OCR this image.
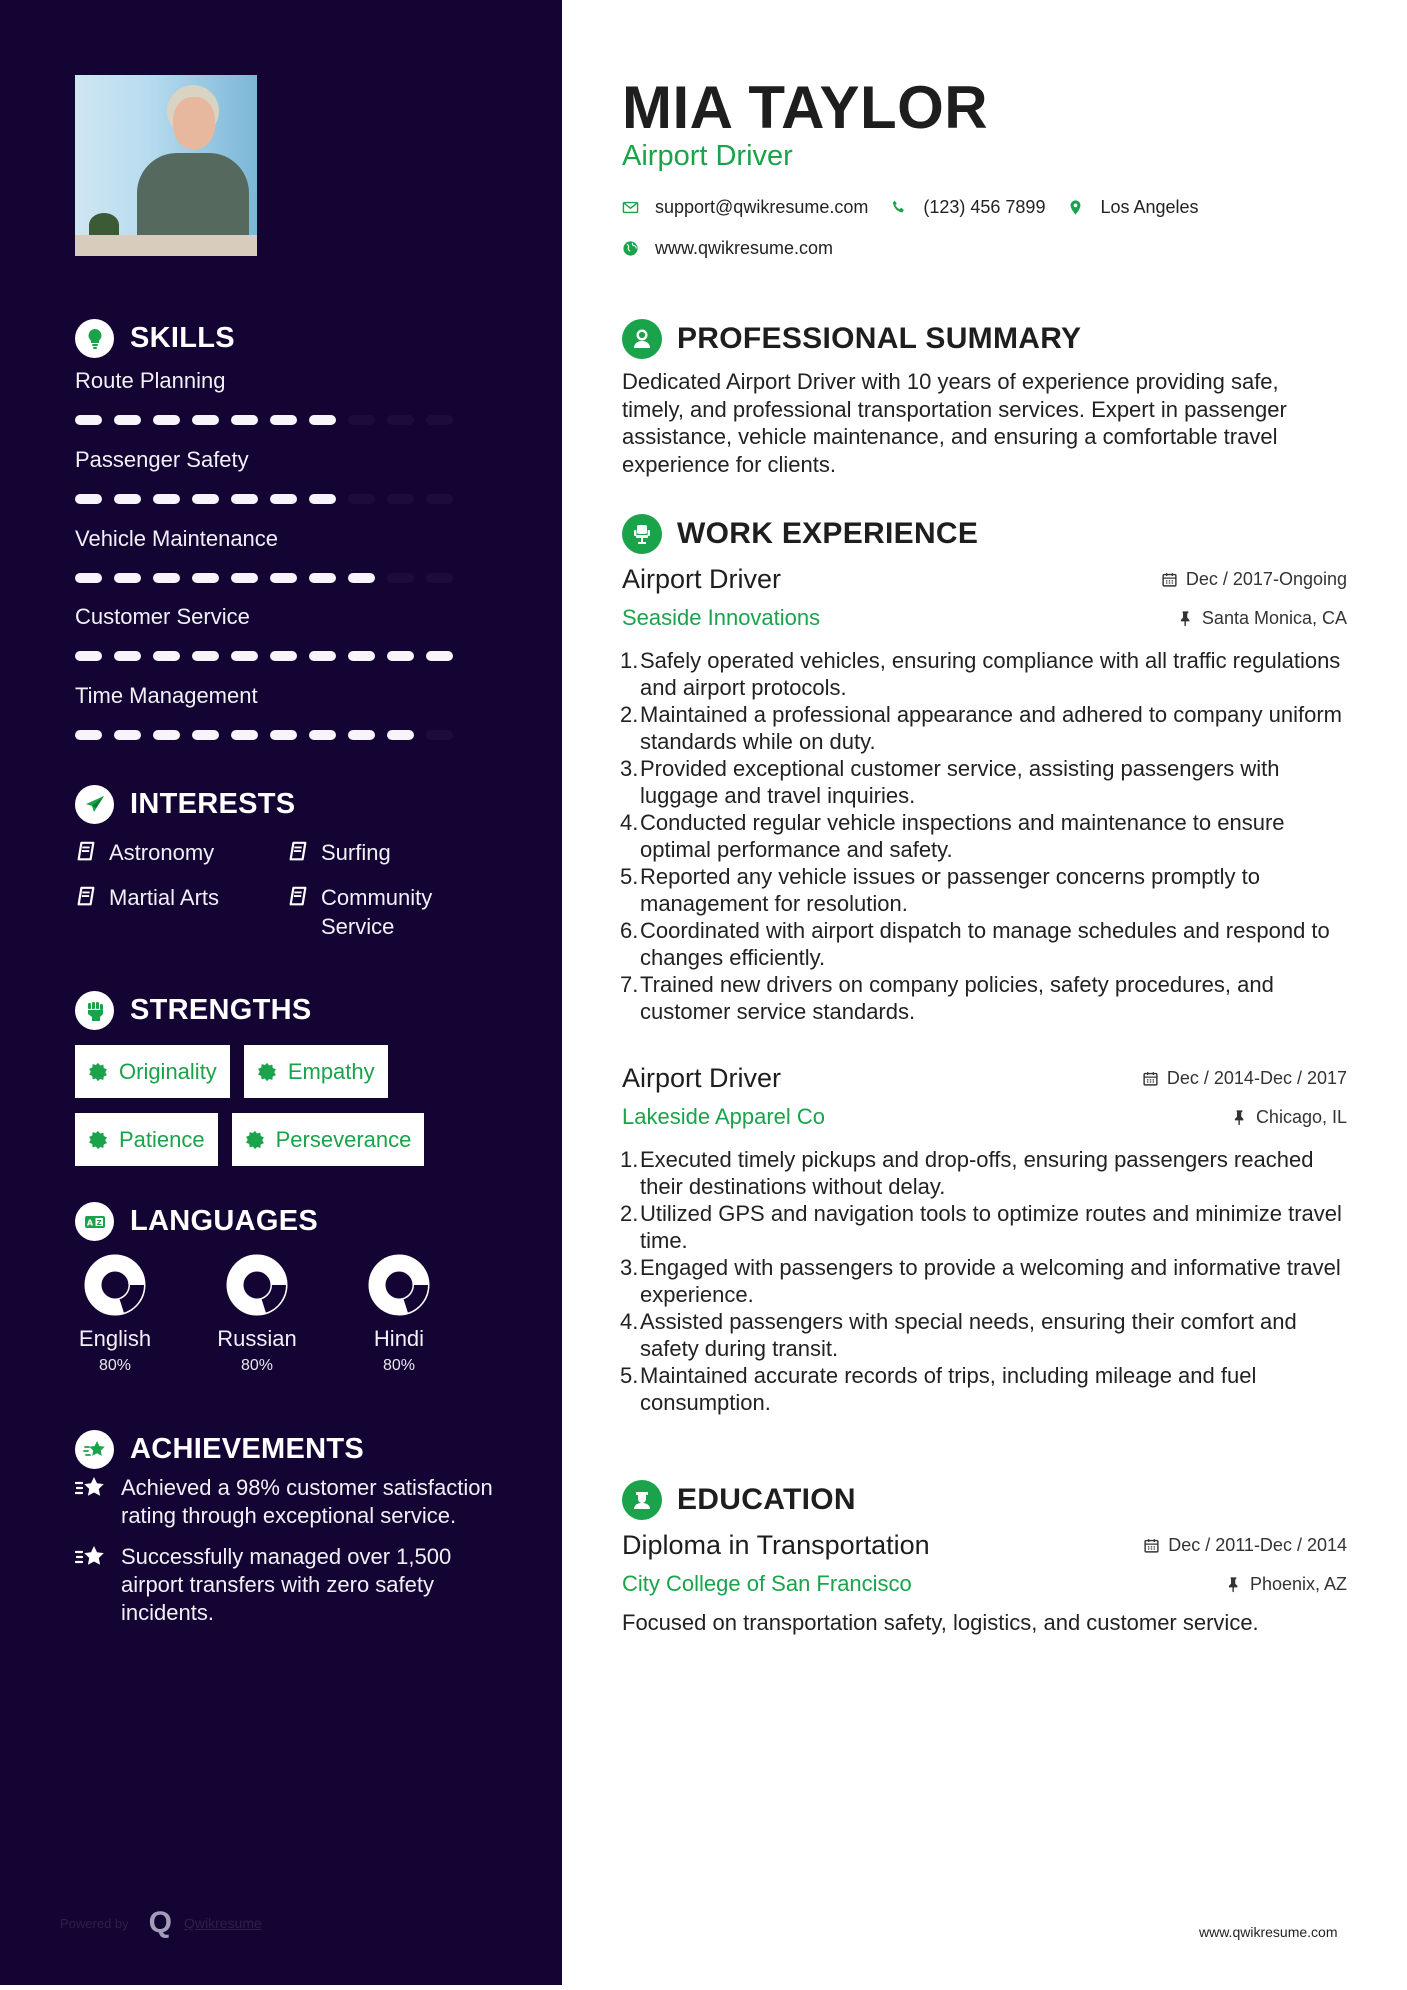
SKILLS
Route Planning
Passenger Safety
Vehicle Maintenance
Customer Service
Time Management
INTERESTS
Astronomy	Surfing
Martial Arts	Community Service
STRENGTHS
Originality	Empathy
Patience	Perseverance
A Z LANGUAGES
English
80%
Russian
80%
Hindi
80%
ACHIEVEMENTS
Achieved a 98% customer satisfaction rating through exceptional service.
Successfully managed over 1,500 airport transfers with zero safety incidents.
Powered by Q Qwikresume
MIA TAYLOR
Airport Driver
support@qwikresume.com	(123) 456 7899	Los Angeles
www.qwikresume.com
PROFESSIONAL SUMMARY

Dedicated Airport Driver with 10 years of experience providing safe, timely, and professional transportation services. Expert in passenger assistance, vehicle maintenance, and ensuring a comfortable travel experience for clients.

WORK EXPERIENCE
Airport Driver	Dec / 2017-Ongoing
Seaside Innovations	Santa Monica, CA
Safely operated vehicles, ensuring compliance with all traffic regulations and airport protocols.
Maintained a professional appearance and adhered to company uniform standards while on duty.
Provided exceptional customer service, assisting passengers with luggage and travel inquiries.
Conducted regular vehicle inspections and maintenance to ensure optimal performance and safety.
Reported any vehicle issues or passenger concerns promptly to management for resolution.
Coordinated with airport dispatch to manage schedules and respond to changes efficiently.
Trained new drivers on company policies, safety procedures, and customer service standards.
Airport Driver	Dec / 2014-Dec / 2017
Lakeside Apparel Co	Chicago, IL
Executed timely pickups and drop-offs, ensuring passengers reached their destinations without delay.
Utilized GPS and navigation tools to optimize routes and minimize travel time.
Engaged with passengers to provide a welcoming and informative travel experience.
Assisted passengers with special needs, ensuring their comfort and safety during transit.
Maintained accurate records of trips, including mileage and fuel consumption.
EDUCATION
Diploma in Transportation	Dec / 2011-Dec / 2014
City College of San Francisco	Phoenix, AZ

Focused on transportation safety, logistics, and customer service.

www.qwikresume.com
